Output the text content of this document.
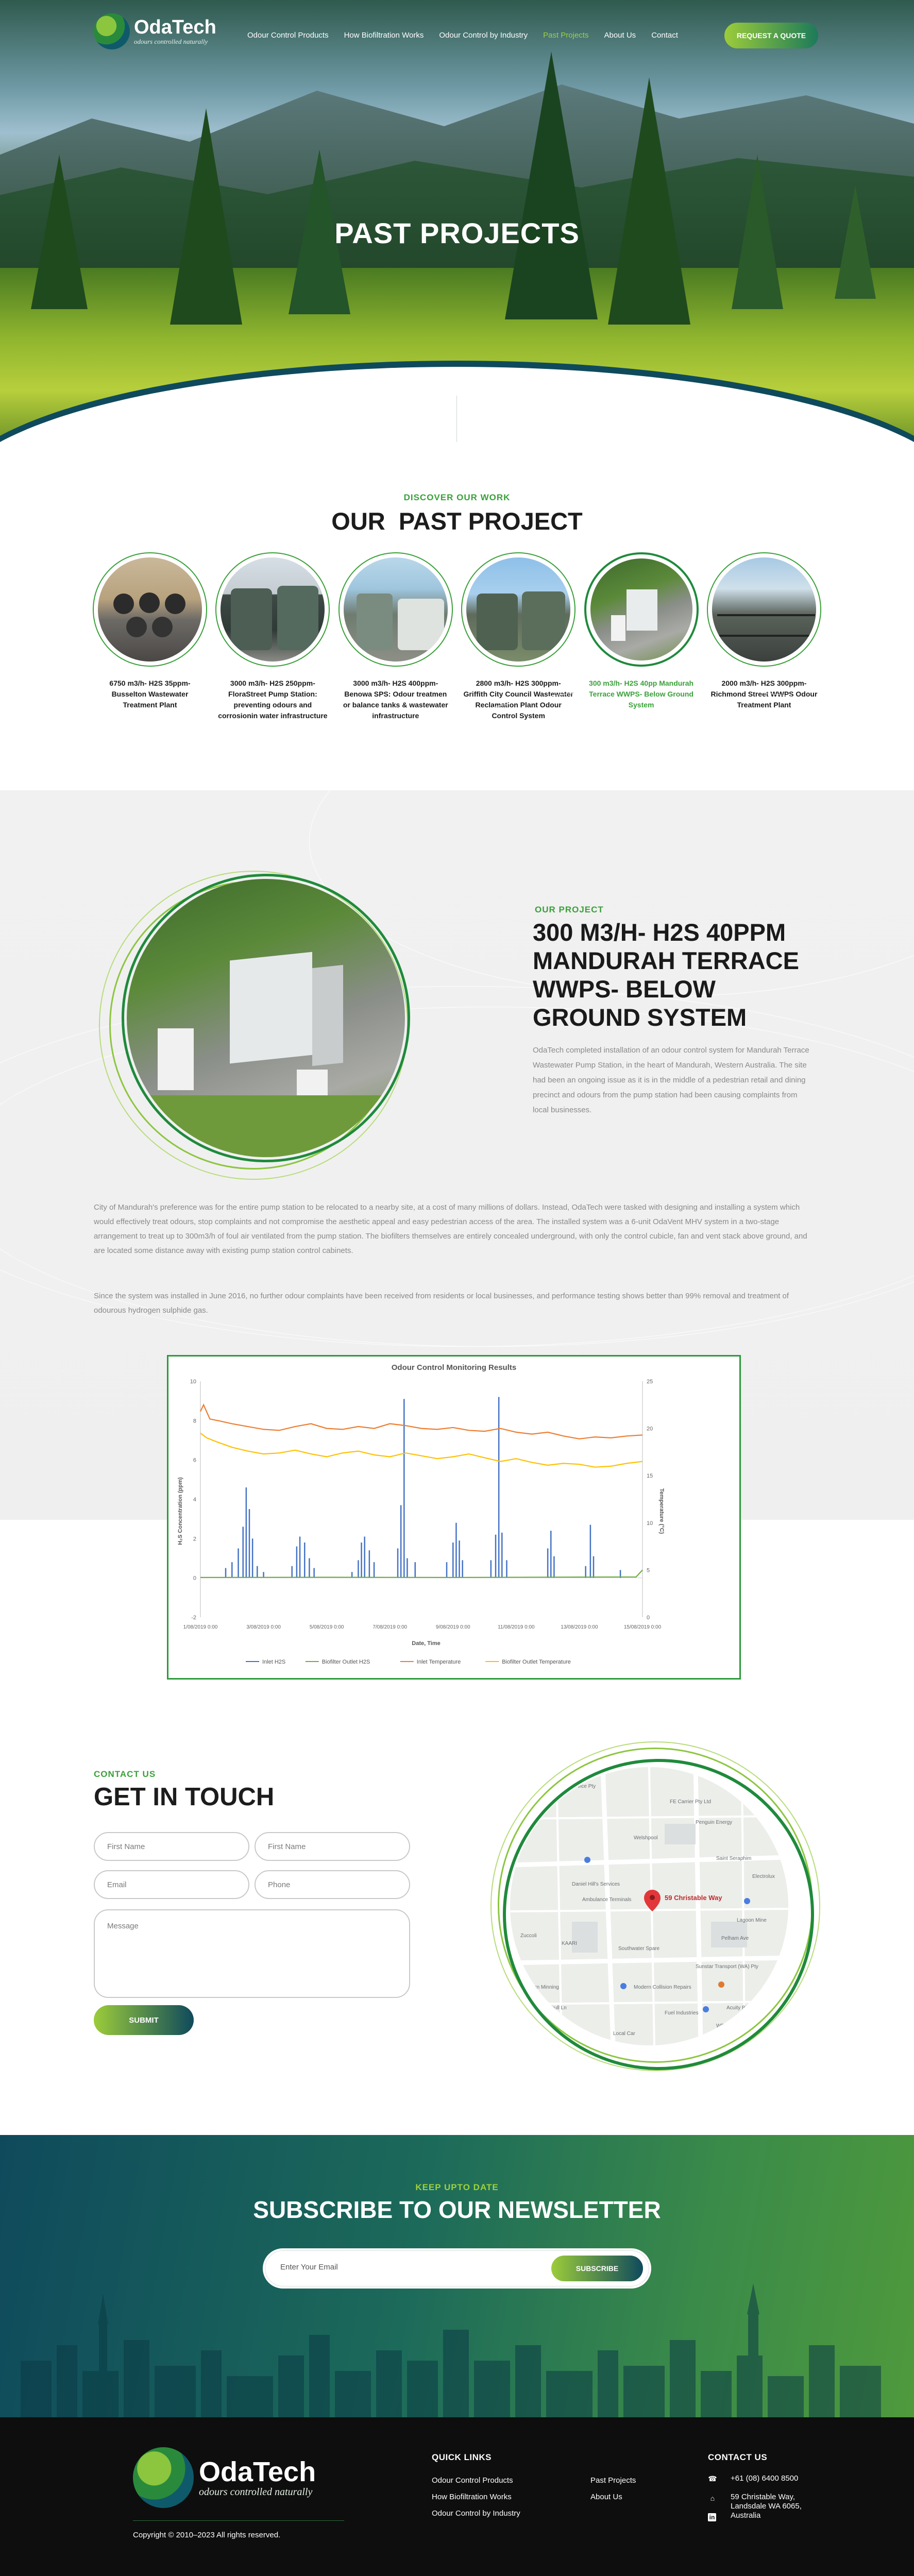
PAST PROJECTS
OdaTech
odours controlled naturally
Odour Control Products How Biofiltration Works Odour Control by Industry Past Projects About Us Contact	REQUEST A QUOTE
DISCOVER OUR WORK
OUR  PAST PROJECT
6750 m3/h- H2S 35ppm- Busselton Wastewater Treatment Plant
3000 m3/h- H2S 250ppm- FloraStreet Pump Station: preventing odours and corrosionin water infrastructure
3000 m3/h- H2S 400ppm- Benowa SPS: Odour treatmen or balance tanks & wastewater infrastructure
2800 m3/h- H2S 300ppm- Griffith City Council Wastewater Reclamation Plant Odour Control System
300 m3/h- H2S 40pp Mandurah Terrace WWPS- Below Ground System
2000 m3/h- H2S 300ppm- Richmond Street WWPS Odour Treatment Plant
OUR PROJECT
300 M3/H- H2S 40PPM MANDURAH TERRACE WWPS- BELOW GROUND SYSTEM
OdaTech completed installation of an odour control system for Mandurah Terrace Wastewater Pump Station, in the heart of Mandurah, Western Australia. The site had been an ongoing issue as it is in the middle of a pedestrian retail and dining precinct and odours from the pump station had been causing complaints from local businesses.
City of Mandurah's preference was for the entire pump station to be relocated to a nearby site, at a cost of many millions of dollars. Instead, OdaTech were tasked with designing and installing a system which would effectively treat odours, stop complaints and not compromise the aesthetic appeal and easy pedestrian access of the area. The installed system was a 6-unit OdaVent MHV system in a two-stage arrangement to treat up to 300m3/h of foul air ventilated from the pump station. The biofilters themselves are entirely concealed underground, with only the control cubicle, fan and vent stack above ground, and are located some distance away with existing pump station control cabinets.
Since the system was installed in June 2016, no further odour complaints have been received from residents or local businesses, and performance testing shows better than 99% removal and treatment of odourous hydrogen sulphide gas.
Odour Control Monitoring Results
H₂S Concentration (ppm)	Temperature (°C)
Date, Time
-2
0
2
4
6
8
10
0
5
10
15
20
25
1/08/2019 0:00	3/08/2019 0:00	5/08/2019 0:00	7/08/2019 0:00	9/08/2019 0:00	11/08/2019 0:00	13/08/2019 0:00	15/08/2019 0:00
Inlet H2S	Biofilter Outlet H2S	Inlet Temperature	Biofilter Outlet Temperature
CONTACT US
GET IN TOUCH
First Name	First Name
Email	Phone
Message
SUBMIT
59 Christable Way
Tennyson Service Pty
FE Carrier Pty Ltd
Penguin Energy
Welshpool
Daniel Hill's Services
Saint Seraphim
Electrolux
Ambulance Terminals
Pelham Ave
Lagoon Mine
Zuccoli
Southwater Spare
KAARI
Sunstar Transport (WA) Pty
Western Minning	Modern Collision Repairs
Turnbull Ln
Fuel Industries
Acuity Bill
WPC Engineering
Local Car
KEEP UPTO DATE
SUBSCRIBE TO OUR NEWSLETTER
Enter Your Email	SUBSCRIBE
OdaTech
odours controlled naturally
Copyright © 2010–2023 All rights reserved.
QUICK LINKS
Odour Control Products
How Biofiltration Works
Odour Control by Industry
Past Projects
About Us
CONTACT US
☎ +61 (08) 6400 8500
⌂	59 Christable Way,
Landsdale WA 6065,
Australia
in
